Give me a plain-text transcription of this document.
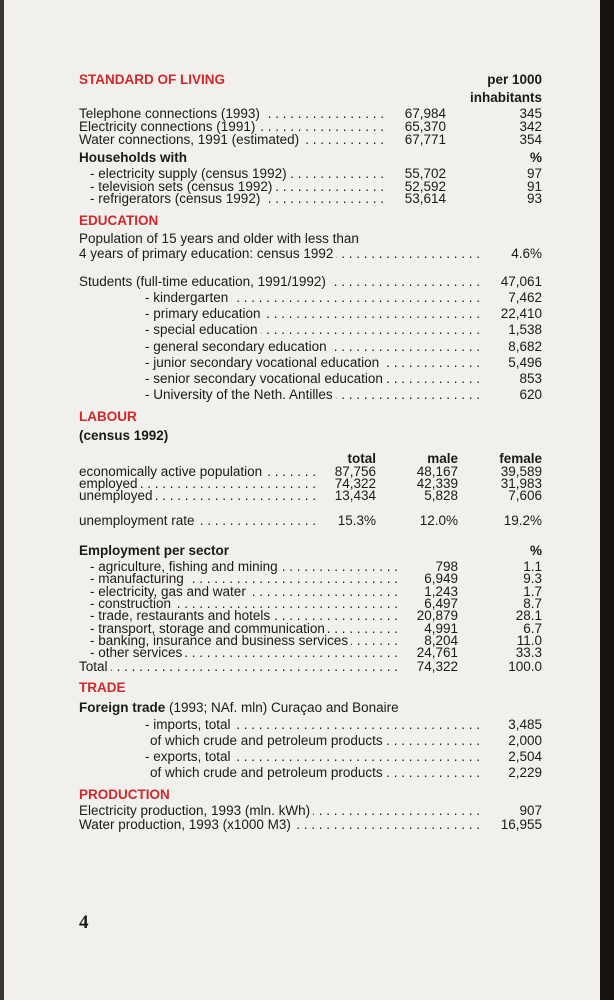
STANDARD OF LIVING	per 1000
inhabitants
Telephone connections (1993) . . .	67,984	345
Electricity connections (1991) . . .	65,370	342
Water connections, 1991 (estimated) . . .	67,771	354
Households with	%
- electricity supply (census 1992) . . .	55,702	97
- television sets (census 1992) . . .	52,592	91
- refrigerators (census 1992) . . .	53,614	93
EDUCATION
Population of 15 years and older with less than
4 years of primary education: census 1992 . . .	4.6%
Students (full-time education, 1991/1992) . . .	47,061
- kindergarten . . .	7,462
- primary education . . .	22,410
- special education . . .	1,538
- general secondary education . . .	8,682
- junior secondary vocational education . . .	5,496
- senior secondary vocational education . . .	853
- University of the Neth. Antilles . . .	620
LABOUR
(census 1992)
total	male	female
economically active population . . .	87,756	48,167	39,589
employed . . .	74,322	42,339	31,983
unemployed . . .	13,434	5,828	7,606
unemployment rate . . .	15.3%	12.0%	19.2%
Employment per sector	%
- agriculture, fishing and mining . . .	798	1.1
- manufacturing . . .	6,949	9.3
- electricity, gas and water . . .	1,243	1.7
- construction . . .	6,497	8.7
- trade, restaurants and hotels . . .	20,879	28.1
- transport, storage and communication . . .	4,991	6.7
- banking, insurance and business services . . .	8,204	11.0
- other services . . .	24,761	33.3
Total . . .	74,322	100.0
TRADE
Foreign trade (1993; NAf. mln) Curaçao and Bonaire
- imports, total . . .	3,485
of which crude and petroleum products . . .	2,000
- exports, total . . .	2,504
of which crude and petroleum products . . .	2,229
PRODUCTION
Electricity production, 1993 (mln. kWh) . . .	907
Water production, 1993 (x1000 M3) . . .	16,955
4
